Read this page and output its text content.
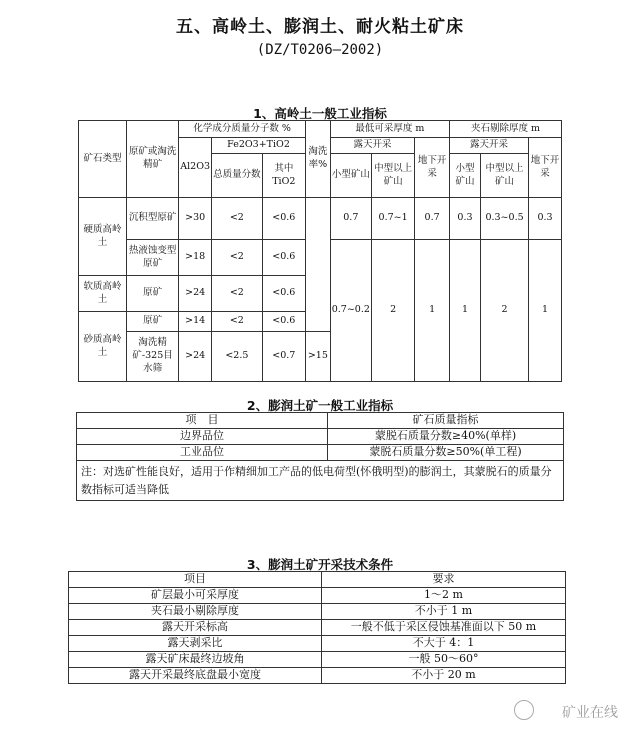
五、高岭土、膨润土、耐火粘土矿床
(DZ/T0206—2002)
1、高岭土一般工业指标
矿石类型	原矿或淘洗精矿	化学成分质量分子数 %			淘洗率%	最低可采厚度 m			夹石剔除厚度 m		
		Al2O3	Fe2O3+TiO2			露天开采		地下开采	露天开采		地下开采
			总质量分数	其中TiO2		小型矿山	中型以上矿山		小型矿山	中型以上矿山	
硬质高岭土	沉积型原矿	>30	<2	<0.6		0.7	0.7~1	0.7	0.3	0.3~0.5	0.3
	热液蚀变型原矿	>18	<2	<0.6		0.7~0.2	2	1	1	2	1
软质高岭土	原矿	>24	<2	<0.6							
砂质高岭土	原矿	>14	<2	<0.6							
	淘洗精矿-325目水筛	>24	<2.5	<0.7	>15						
2、膨润土矿一般工业指标
项　目	矿石质量指标
边界品位	蒙脱石质量分数≥40%(单样)
工业品位	蒙脱石质量分数≥50%(单工程)
注：对选矿性能良好，适用于作精细加工产品的低电荷型(怀俄明型)的膨润土，其蒙脱石的质量分数指标可适当降低	
3、膨润土矿开采技术条件
项目	要求
矿层最小可采厚度	1～2 m
夹石最小剔除厚度	不小于 1 m
露天开采标高	一般不低于采区侵蚀基准面以下 50 m
露天剥采比	不大于 4：1
露天矿床最终边坡角	一般 50～60°
露天开采最终底盘最小宽度	不小于 20 m
矿业在线
